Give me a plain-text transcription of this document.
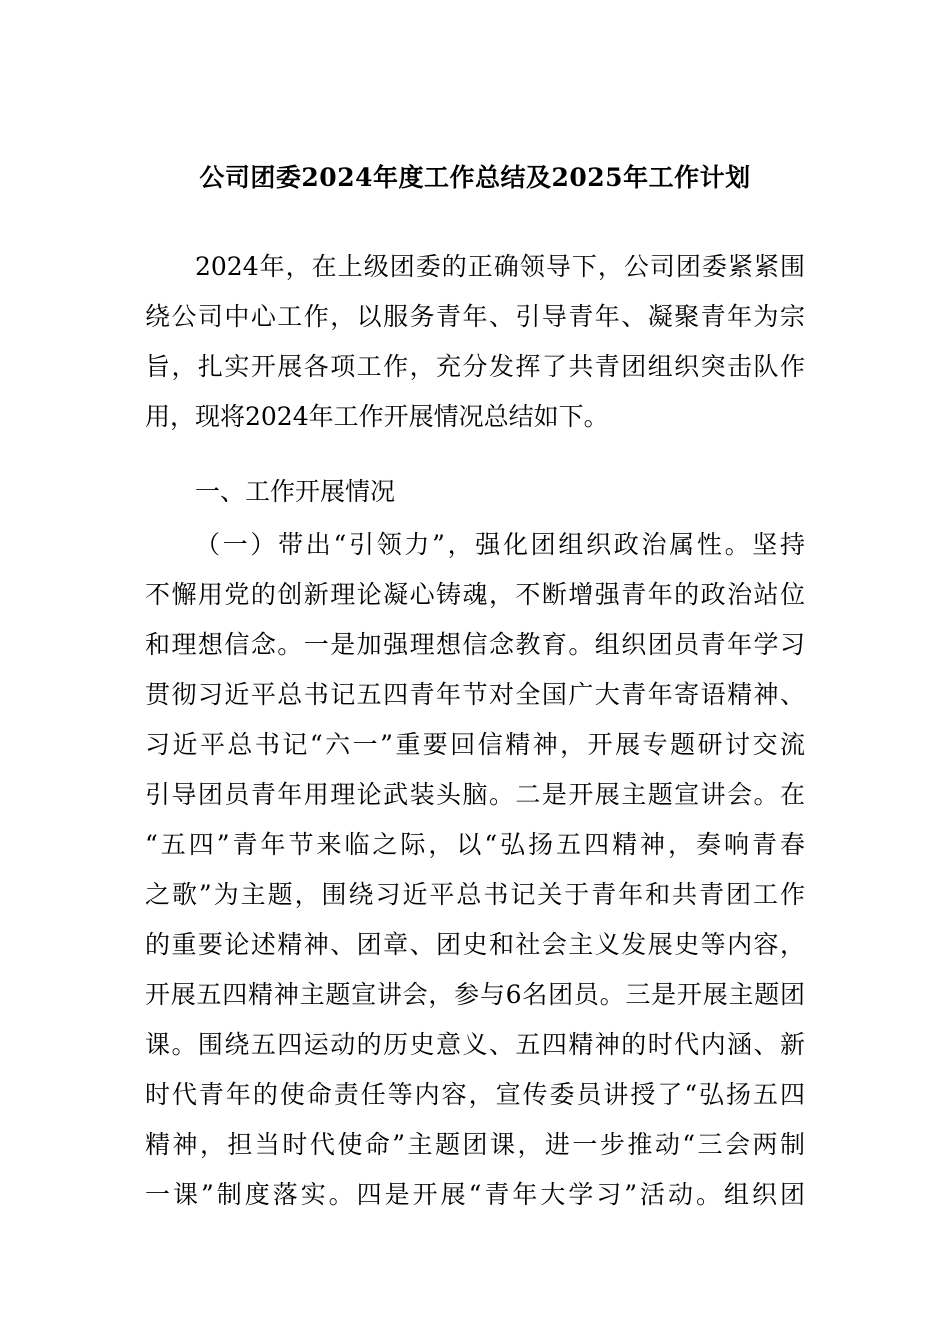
公司团委2024年度工作总结及2025年工作计划
2024年，在上级团委的正确领导下，公司团委紧紧围
绕公司中心工作，以服务青年、引导青年、凝聚青年为宗
旨，扎实开展各项工作，充分发挥了共青团组织突击队作
用，现将2024年工作开展情况总结如下。
一、工作开展情况
（一）带出“引领力”，强化团组织政治属性。坚持
不懈用党的创新理论凝心铸魂，不断增强青年的政治站位
和理想信念。一是加强理想信念教育。组织团员青年学习
贯彻习近平总书记五四青年节对全国广大青年寄语精神、
习近平总书记“六一”重要回信精神，开展专题研讨交流
引导团员青年用理论武装头脑。二是开展主题宣讲会。在
“五四”青年节来临之际，以“弘扬五四精神，奏响青春
之歌”为主题，围绕习近平总书记关于青年和共青团工作
的重要论述精神、团章、团史和社会主义发展史等内容，
开展五四精神主题宣讲会，参与6名团员。三是开展主题团
课。围绕五四运动的历史意义、五四精神的时代内涵、新
时代青年的使命责任等内容，宣传委员讲授了“弘扬五四
精神，担当时代使命”主题团课，进一步推动“三会两制
一课”制度落实。四是开展“青年大学习”活动。组织团
